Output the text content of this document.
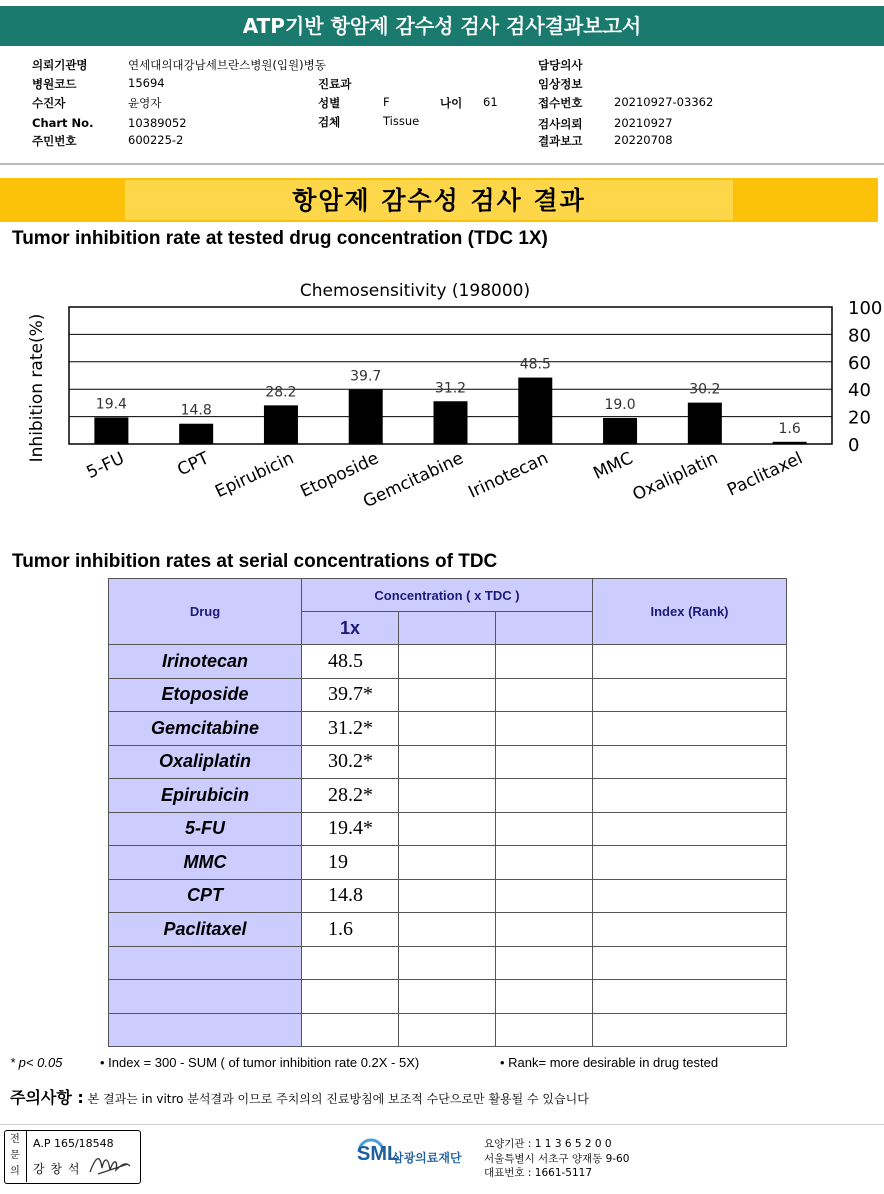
ATP기반 항암제 감수성 검사 검사결과보고서
의뢰기관명	연세대의대강남세브란스병원(입원)병동
병원코드	15694
수진자	윤영자
Chart No.	10389052
주민번호	600225-2
진료과
성별	F	나이 61
검체	Tissue
담당의사
임상정보
접수번호	20210927-03362
검사의뢰	20210927
결과보고	20220708
항암제 감수성 검사 결과
Tumor inhibition rate at tested drug concentration (TDC 1X)
Chemosensitivity (198000)
Inhibition rate(%)	19.4	14.8
28.2
39.7
31.2
48.5
19.0
30.2
1.6
0
20
40
60
80
100
5-FU	CPT Epirubicin Etoposide
Gemcitabine
Irinotecan MMC
Oxaliplatin Paclitaxel
Tumor inhibition rates at serial concentrations of TDC
Drug	Concentration ( x TDC )			Index (Rank)
	1x			
Irinotecan	48.5			
Etoposide	39.7*			
Gemcitabine	31.2*			
Oxaliplatin	30.2*			
Epirubicin	28.2*			
5-FU	19.4*			
MMC	19			
CPT	14.8			
Paclitaxel	1.6			

* p< 0.05	• Index = 300 - SUM ( of tumor inhibition rate 0.2X - 5X)	• Rank= more desirable in drug tested
주의사항 : 본 결과는 in vitro 분석결과 이므로 주치의의 진료방침에 보조적 수단으로만 활용될 수 있습니다
전문의
A.P 165/18548
강 창 석
SML
삼광의료재단
요양기관 : 1 1 3 6 5 2 0 0
서울특별시 서초구 양재동 9-60
대표번호 : 1661-5117
